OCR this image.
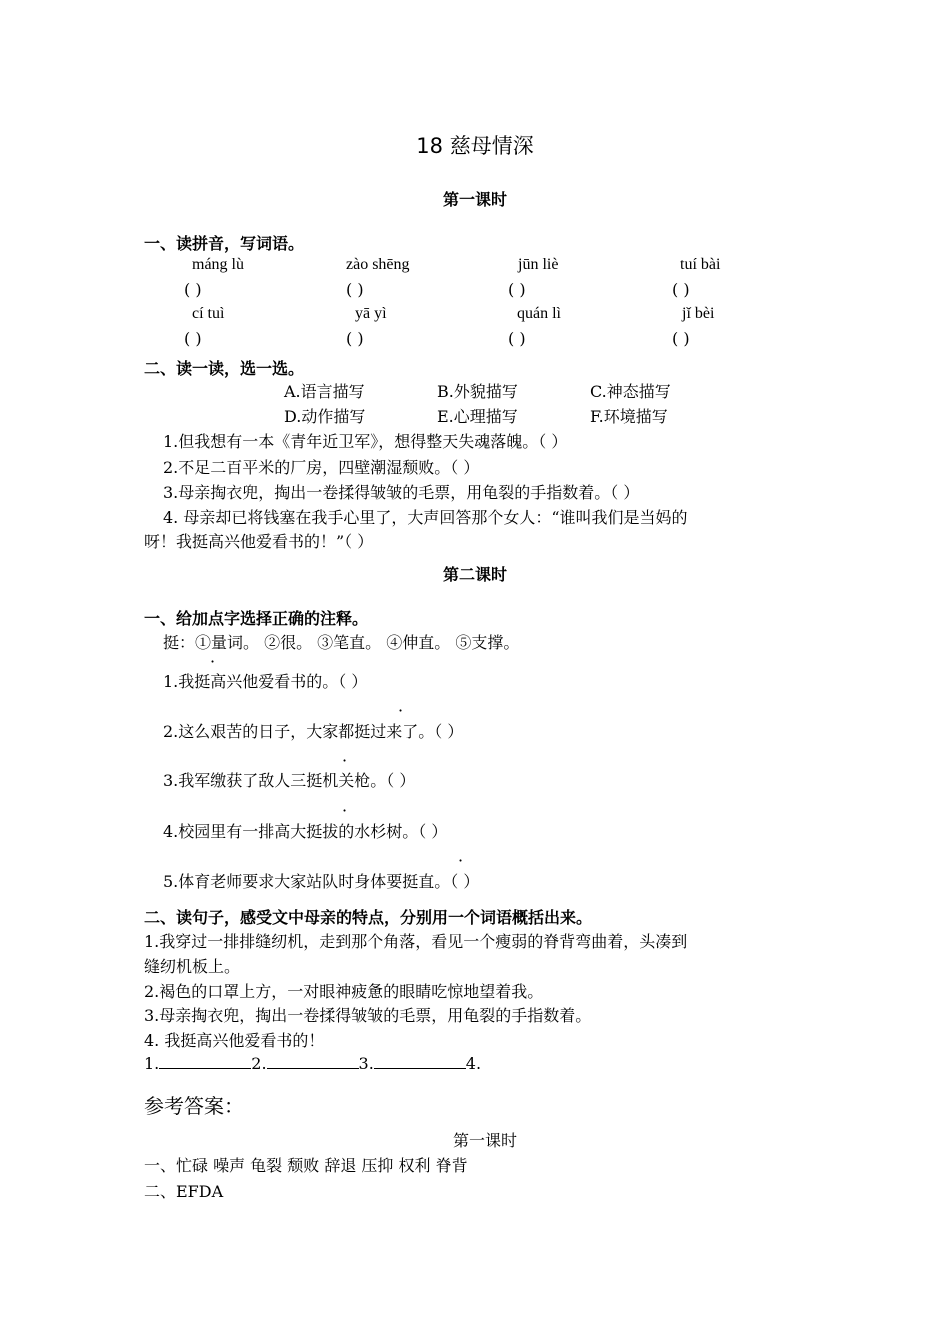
18 慈母情深
第一课时
一、读拼音，写词语。
máng lù	zào shēng	jūn liè	tuí bài
( )	( )	( )	( )
cí tuì	yā yì	quán lì	jǐ bèi
( )	( )	( )	( )
二、读一读，选一选。
A.语言描写	B.外貌描写	C.神态描写
D.动作描写	E.心理描写	F.环境描写
1.但我想有一本《青年近卫军》，想得整天失魂落魄。（ ）
2.不足二百平米的厂房，四壁潮湿颓败。（ ）
3.母亲掏衣兜，掏出一卷揉得皱皱的毛票，用龟裂的手指数着。（ ）
4. 母亲却已将钱塞在我手心里了，大声回答那个女人：“谁叫我们是当妈的
呀！我挺高兴他爱看书的！”（ ）
第二课时
一、给加点字选择正确的注释。
挺：①量词。 ②很。 ③笔直。 ④伸直。 ⑤支撑。
·
1.我挺高兴他爱看书的。（ ）
·
2.这么艰苦的日子，大家都挺过来了。（ ）
·
3.我军缴获了敌人三挺机关枪。（ ）
·
4.校园里有一排高大挺拔的水杉树。（ ）
·
5.体育老师要求大家站队时身体要挺直。（ ）
二、读句子，感受文中母亲的特点，分别用一个词语概括出来。
1.我穿过一排排缝纫机，走到那个角落，看见一个瘦弱的脊背弯曲着，头凑到
缝纫机板上。
2.褐色的口罩上方，一对眼神疲惫的眼睛吃惊地望着我。
3.母亲掏衣兜，掏出一卷揉得皱皱的毛票，用龟裂的手指数着。
4. 我挺高兴他爱看书的！
1.	2.	3.	4.
参考答案：
第一课时
一、忙碌 噪声 龟裂 颓败 辞退 压抑 权利 脊背
二、EFDA
